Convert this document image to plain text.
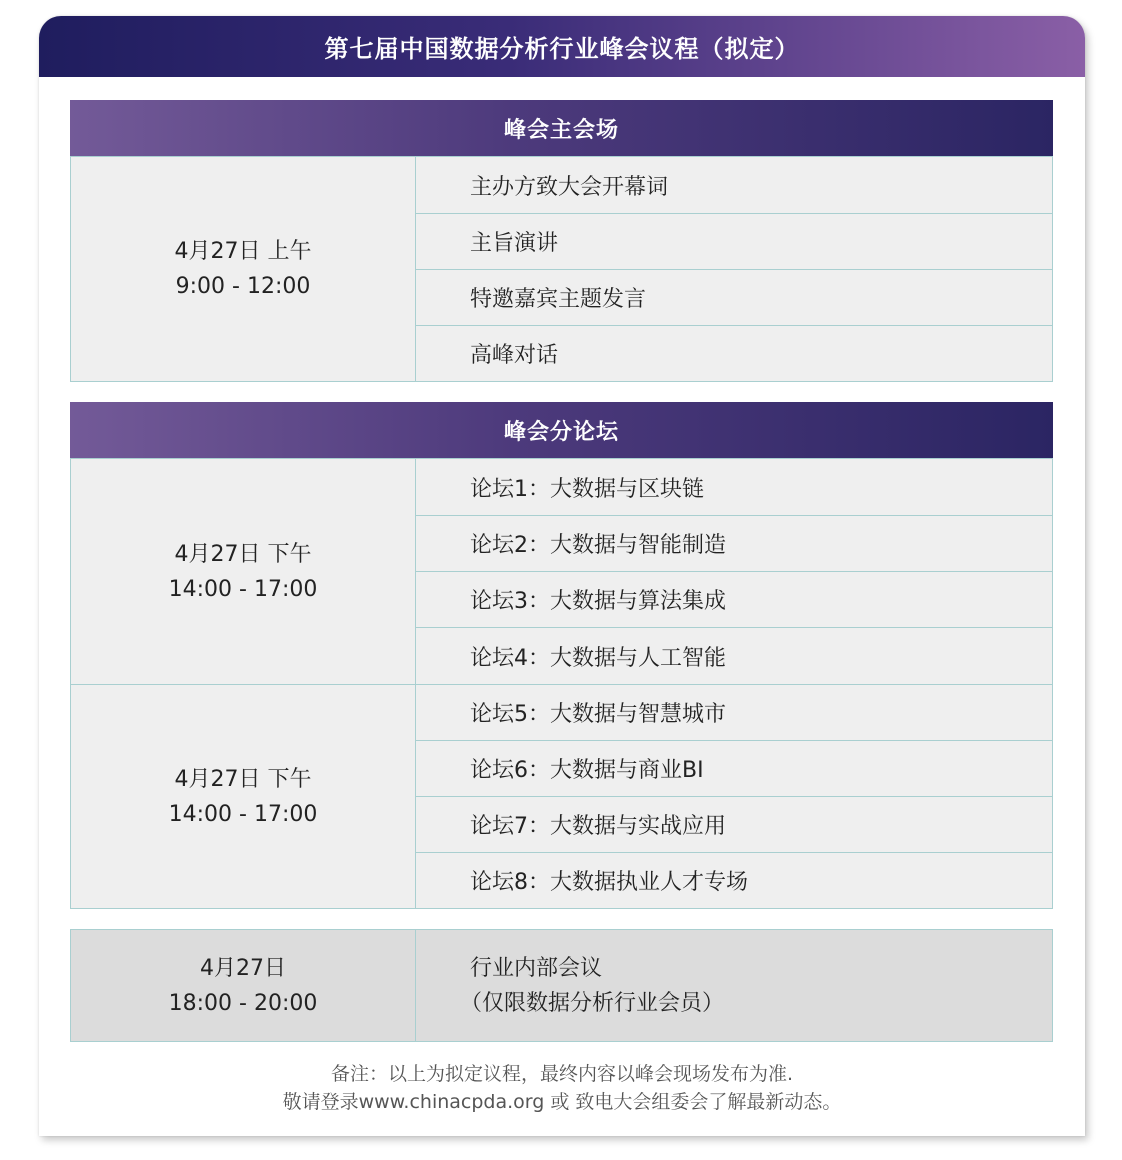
第七届中国数据分析行业峰会议程（拟定）
峰会主会场
4月27日 上午
9:00 - 12:00
主办方致大会开幕词
主旨演讲
特邀嘉宾主题发言
高峰对话
峰会分论坛
4月27日 下午
14:00 - 17:00
4月27日 下午
14:00 - 17:00
论坛1：大数据与区块链
论坛2：大数据与智能制造
论坛3：大数据与算法集成
论坛4：大数据与人工智能
论坛5：大数据与智慧城市
论坛6：大数据与商业BI
论坛7：大数据与实战应用
论坛8：大数据执业人才专场
4月27日
18:00 - 20:00
行业内部会议
（仅限数据分析行业会员）
备注：以上为拟定议程，最终内容以峰会现场发布为准.
敬请登录www.chinacpda.org 或 致电大会组委会了解最新动态。
